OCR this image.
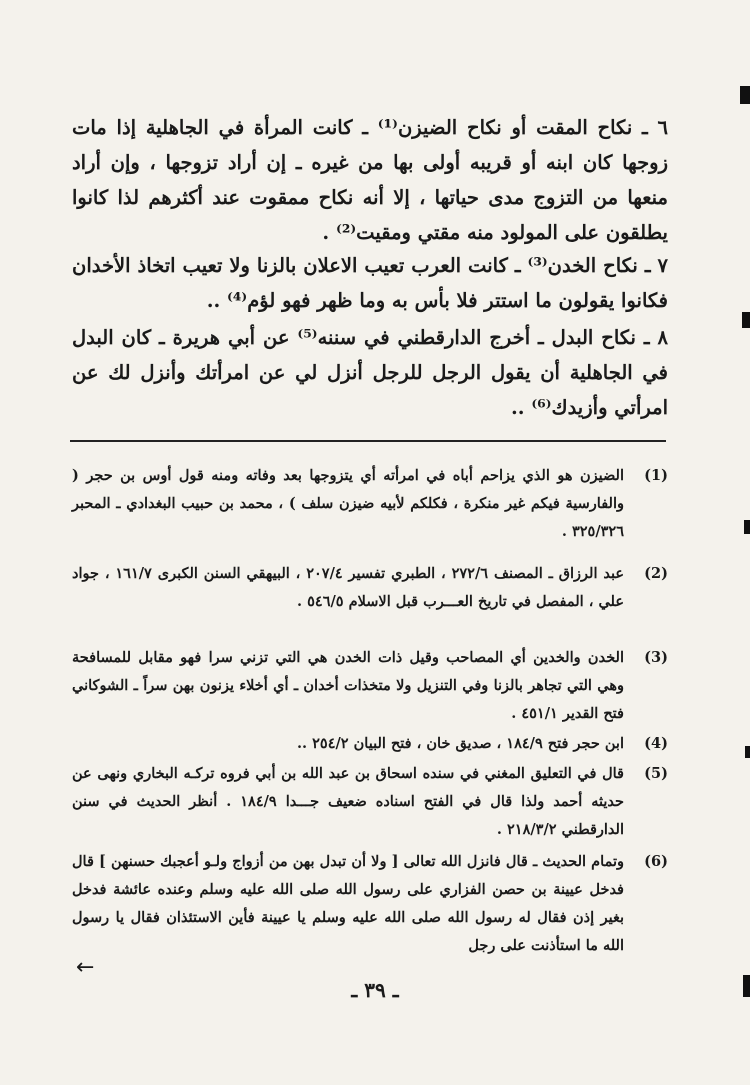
٦ ـ نكاح المقت أو نكاح الضيزن⁽¹⁾ ـ كانت المرأة في الجاهلية إذا مات زوجها كان ابنه أو قريبه أولى بها من غيره ـ إن أراد تزوجها ، وإن أراد منعها من التزوج مدى حياتها ، إلا أنه نكاح ممقوت عند أكثرهم لذا كانوا يطلقون على المولود منه مقتي ومقيت⁽²⁾ .
٧ ـ نكاح الخدن⁽³⁾ ـ كانت العرب تعيب الاعلان بالزنا ولا تعيب اتخاذ الأخدان فكانوا يقولون ما استتر فلا بأس به وما ظهر فهو لؤم⁽⁴⁾ ..
٨ ـ نكاح البدل ـ أخرج الدارقطني في سننه⁽⁵⁾ عن أبي هريرة ـ كان البدل في الجاهلية أن يقول الرجل للرجل أنزل لي عن امرأتك وأنزل لك عن امرأتي وأزيدك⁽⁶⁾ ..
(1)
الضيزن هو الذي يزاحم أباه في امرأته أي يتزوجها بعد وفاته ومنه قول أوس بن حجر ( والفارسية فيكم غير منكرة ، فكلكم لأبيه ضيزن سلف ) ، محمد بن حبيب البغدادي ـ المحبر ٣٢٥/٣٢٦ .
(2)
عبد الرزاق ـ المصنف ٢٧٢/٦ ، الطبري تفسير ٢٠٧/٤ ، البيهقي السنن الكبرى ١٦١/٧ ، جواد علي ، المفصل في تاريخ العـــرب قبل الاسلام ٥٤٦/٥ .
(3)
الخدن والخدين أي المصاحب وقيل ذات الخدن هي التي تزني سرا فهو مقابل للمسافحة وهي التي تجاهر بالزنا وفي التنزيل ولا متخذات أخدان ـ أي أخلاء يزنون بهن سراً ـ الشوكاني فتح القدير ٤٥١/١ .
(4)
ابن حجر فتح ١٨٤/٩ ، صديق خان ، فتح البيان ٢٥٤/٢ ..
(5)
قال في التعليق المغني في سنده اسحاق بن عبد الله بن أبي فروه تركـه البخاري ونهى عن حديثه أحمد ولذا قال في الفتح اسناده ضعيف جـــدا ١٨٤/٩ . أنظر الحديث في سنن الدارقطني ٢١٨/٣/٢ .
(6)
وتمام الحديث ـ قال فانزل الله تعالى [ ولا أن تبدل بهن من أزواج ولـو أعجبك حسنهن ] قال فدخل عيينة بن حصن الفزاري على رسول الله صلى الله عليه وسلم وعنده عائشة فدخل بغير إذن فقال له رسول الله صلى الله عليه وسلم يا عيينة فأين الاستئذان فقال يا رسول الله ما استأذنت على رجل
←
ـ ٣٩ ـ
